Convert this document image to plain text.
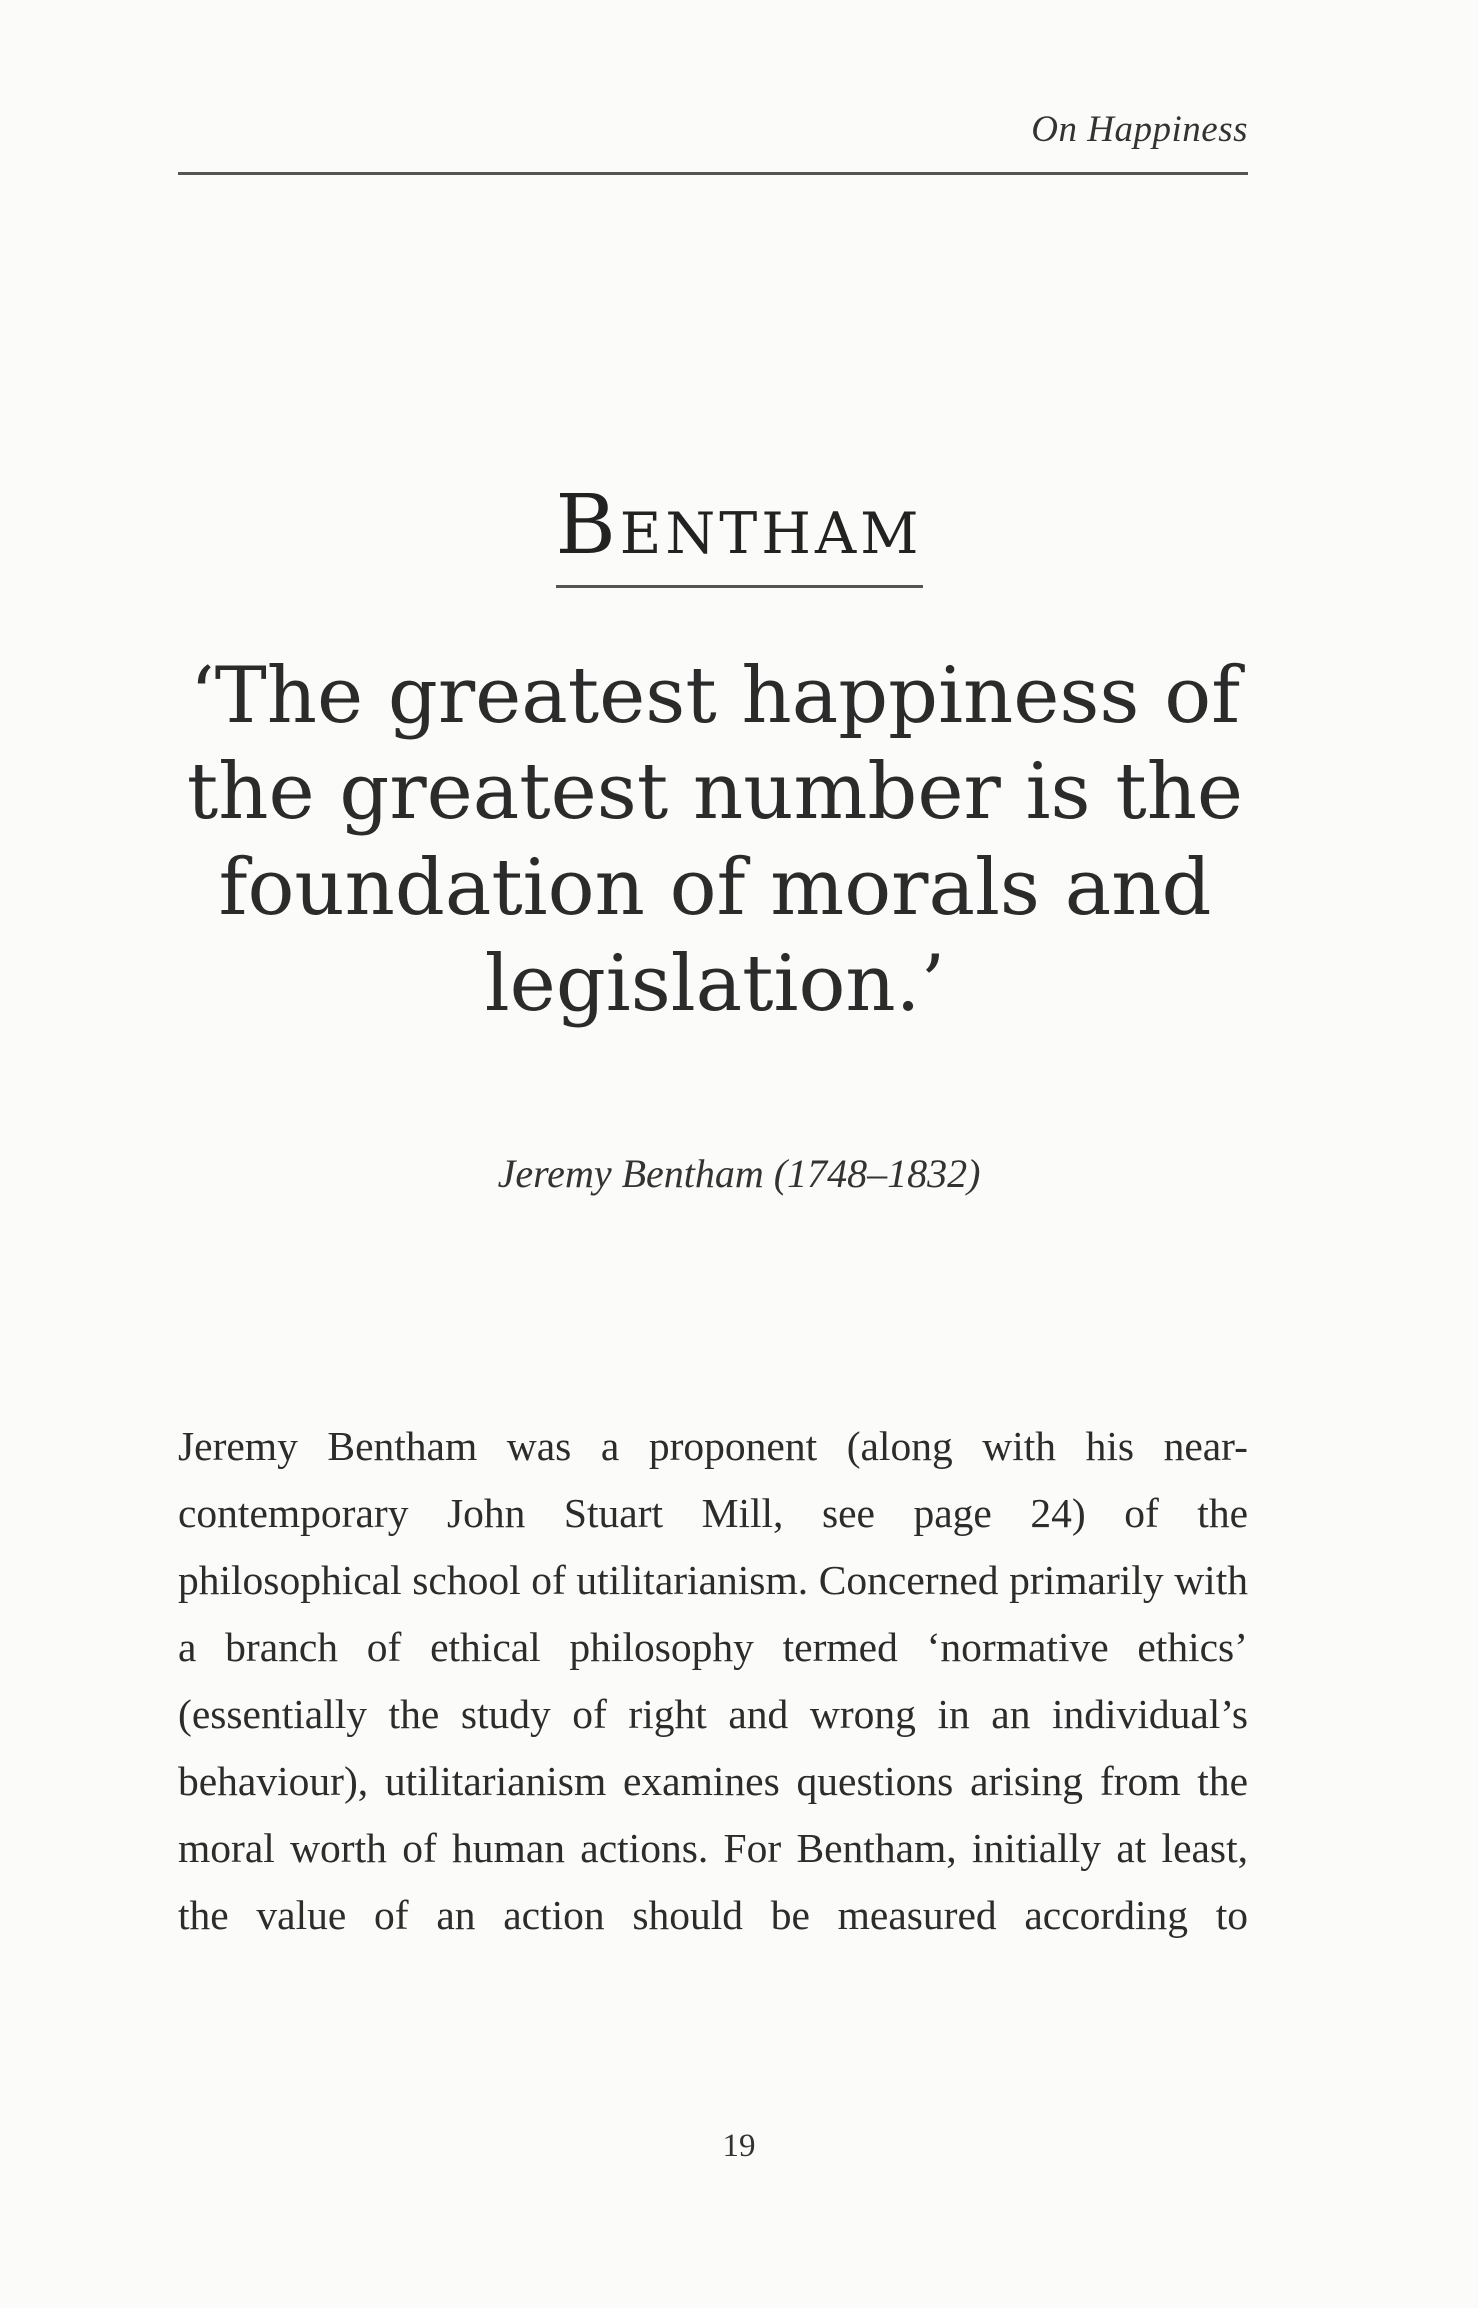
On Happiness
Bentham

‘The greatest happiness of the greatest number is the foundation of morals and legislation.’

Jeremy Bentham (1748–1832)

Jeremy Bentham was a proponent (along with his near-contemporary John Stuart Mill, see page 24) of the philosophical school of utilitarianism. Concerned primarily with a branch of ethical philosophy termed ‘normative ethics’ (essentially the study of right and wrong in an individual’s behaviour), utilitarianism examines questions arising from the moral worth of human actions. For Bentham, initially at least, the value of an action should be measured according to

19
